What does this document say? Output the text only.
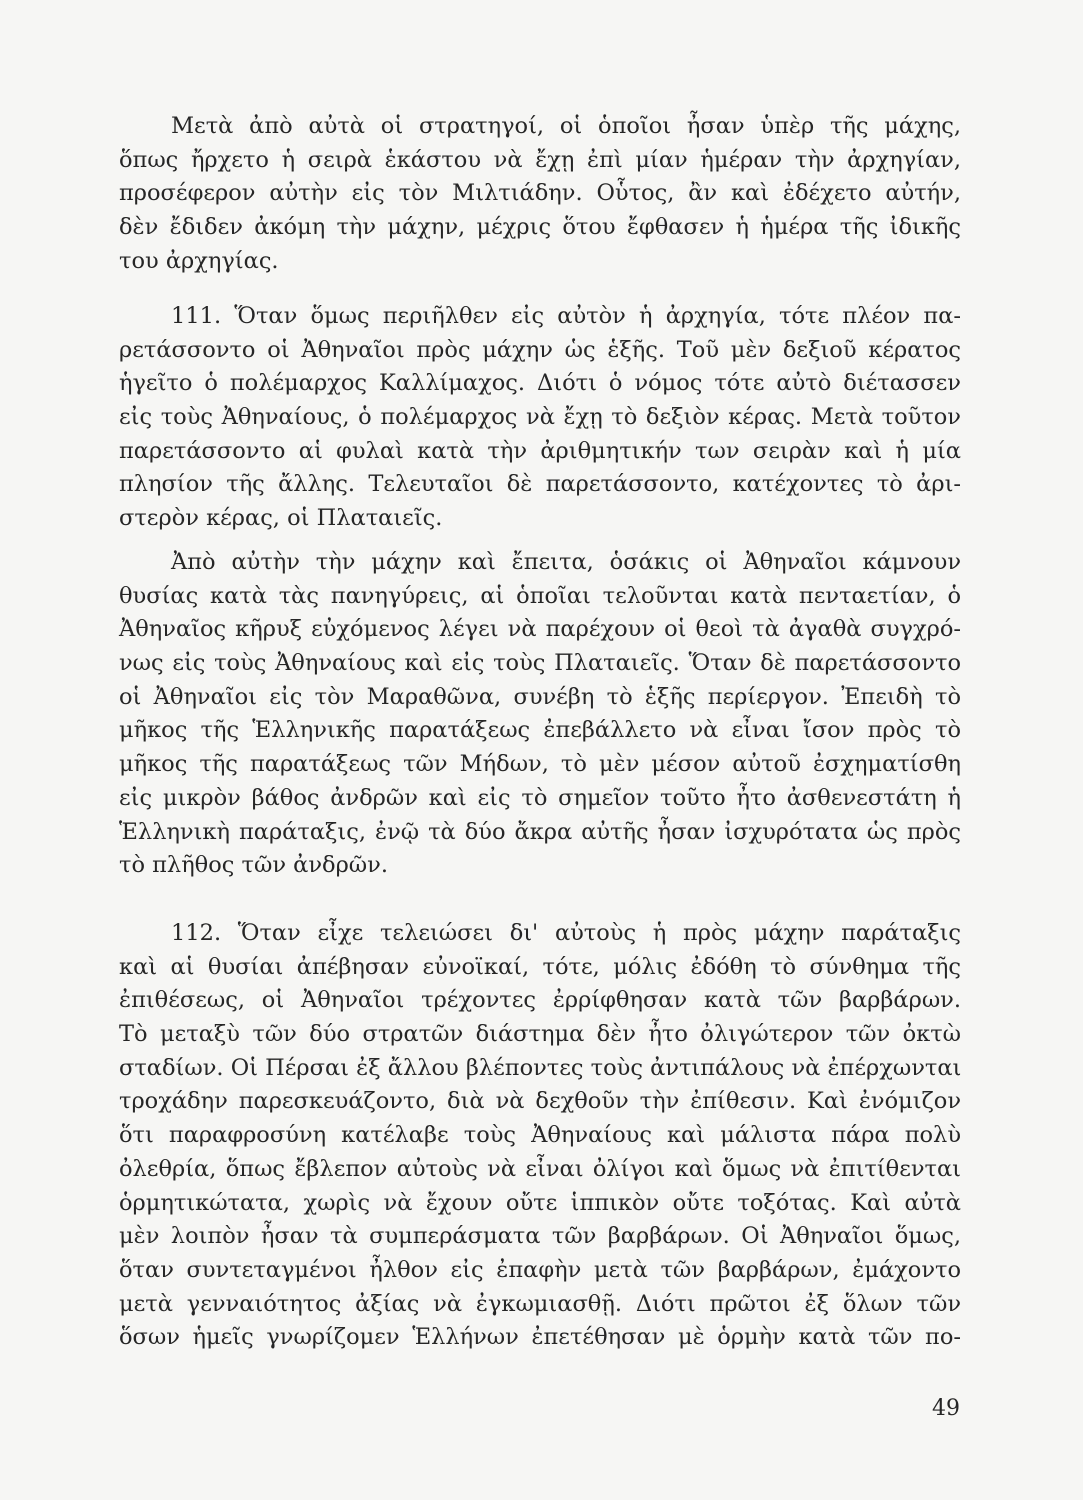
Μετὰ ἀπὸ αὐτὰ οἱ στρατηγοί, οἱ ὁποῖοι ἦσαν ὑπὲρ τῆς μάχης,
ὅπως ἤρχετο ἡ σειρὰ ἑκάστου νὰ ἔχῃ ἐπὶ μίαν ἡμέραν τὴν ἀρχηγίαν,
προσέφερον αὐτὴν εἰς τὸν Μιλτιάδην. Οὗτος, ἂν καὶ ἐδέχετο αὐτήν,
δὲν ἔδιδεν ἀκόμη τὴν μάχην, μέχρις ὅτου ἔφθασεν ἡ ἡμέρα τῆς ἰδικῆς
του ἀρχηγίας.
111. Ὅταν ὅμως περιῆλθεν εἰς αὐτὸν ἡ ἀρχηγία, τότε πλέον πα-
ρετάσσοντο οἱ Ἀθηναῖοι πρὸς μάχην ὡς ἑξῆς. Τοῦ μὲν δεξιοῦ κέρατος
ἡγεῖτο ὁ πολέμαρχος Καλλίμαχος. Διότι ὁ νόμος τότε αὐτὸ διέτασσεν
εἰς τοὺς Ἀθηναίους, ὁ πολέμαρχος νὰ ἔχῃ τὸ δεξιὸν κέρας. Μετὰ τοῦτον
παρετάσσοντο αἱ φυλαὶ κατὰ τὴν ἀριθμητικήν των σειρὰν καὶ ἡ μία
πλησίον τῆς ἄλλης. Τελευταῖοι δὲ παρετάσσοντο, κατέχοντες τὸ ἀρι-
στερὸν κέρας, οἱ Πλαταιεῖς.
Ἀπὸ αὐτὴν τὴν μάχην καὶ ἔπειτα, ὁσάκις οἱ Ἀθηναῖοι κάμνουν
θυσίας κατὰ τὰς πανηγύρεις, αἱ ὁποῖαι τελοῦνται κατὰ πενταετίαν, ὁ
Ἀθηναῖος κῆρυξ εὐχόμενος λέγει νὰ παρέχουν οἱ θεοὶ τὰ ἀγαθὰ συγχρό-
νως εἰς τοὺς Ἀθηναίους καὶ εἰς τοὺς Πλαταιεῖς. Ὅταν δὲ παρετάσσοντο
οἱ Ἀθηναῖοι εἰς τὸν Μαραθῶνα, συνέβη τὸ ἑξῆς περίεργον. Ἐπειδὴ τὸ
μῆκος τῆς Ἑλληνικῆς παρατάξεως ἐπεβάλλετο νὰ εἶναι ἴσον πρὸς τὸ
μῆκος τῆς παρατάξεως τῶν Μήδων, τὸ μὲν μέσον αὐτοῦ ἐσχηματίσθη
εἰς μικρὸν βάθος ἀνδρῶν καὶ εἰς τὸ σημεῖον τοῦτο ἦτο ἀσθενεστάτη ἡ
Ἑλληνικὴ παράταξις, ἐνῷ τὰ δύο ἄκρα αὐτῆς ἦσαν ἰσχυρότατα ὡς πρὸς
τὸ πλῆθος τῶν ἀνδρῶν.
112. Ὅταν εἶχε τελειώσει δι' αὐτοὺς ἡ πρὸς μάχην παράταξις
καὶ αἱ θυσίαι ἀπέβησαν εὐνοϊκαί, τότε, μόλις ἐδόθη τὸ σύνθημα τῆς
ἐπιθέσεως, οἱ Ἀθηναῖοι τρέχοντες ἐρρίφθησαν κατὰ τῶν βαρβάρων.
Τὸ μεταξὺ τῶν δύο στρατῶν διάστημα δὲν ἦτο ὀλιγώτερον τῶν ὀκτὼ
σταδίων. Οἱ Πέρσαι ἐξ ἄλλου βλέποντες τοὺς ἀντιπάλους νὰ ἐπέρχωνται
τροχάδην παρεσκευάζοντο, διὰ νὰ δεχθοῦν τὴν ἐπίθεσιν. Καὶ ἐνόμιζον
ὅτι παραφροσύνη κατέλαβε τοὺς Ἀθηναίους καὶ μάλιστα πάρα πολὺ
ὀλεθρία, ὅπως ἔβλεπον αὐτοὺς νὰ εἶναι ὀλίγοι καὶ ὅμως νὰ ἐπιτίθενται
ὁρμητικώτατα, χωρὶς νὰ ἔχουν οὔτε ἱππικὸν οὔτε τοξότας. Καὶ αὐτὰ
μὲν λοιπὸν ἦσαν τὰ συμπεράσματα τῶν βαρβάρων. Οἱ Ἀθηναῖοι ὅμως,
ὅταν συντεταγμένοι ἦλθον εἰς ἐπαφὴν μετὰ τῶν βαρβάρων, ἐμάχοντο
μετὰ γενναιότητος ἀξίας νὰ ἐγκωμιασθῇ. Διότι πρῶτοι ἐξ ὅλων τῶν
ὅσων ἡμεῖς γνωρίζομεν Ἑλλήνων ἐπετέθησαν μὲ ὁρμὴν κατὰ τῶν πο-
49
